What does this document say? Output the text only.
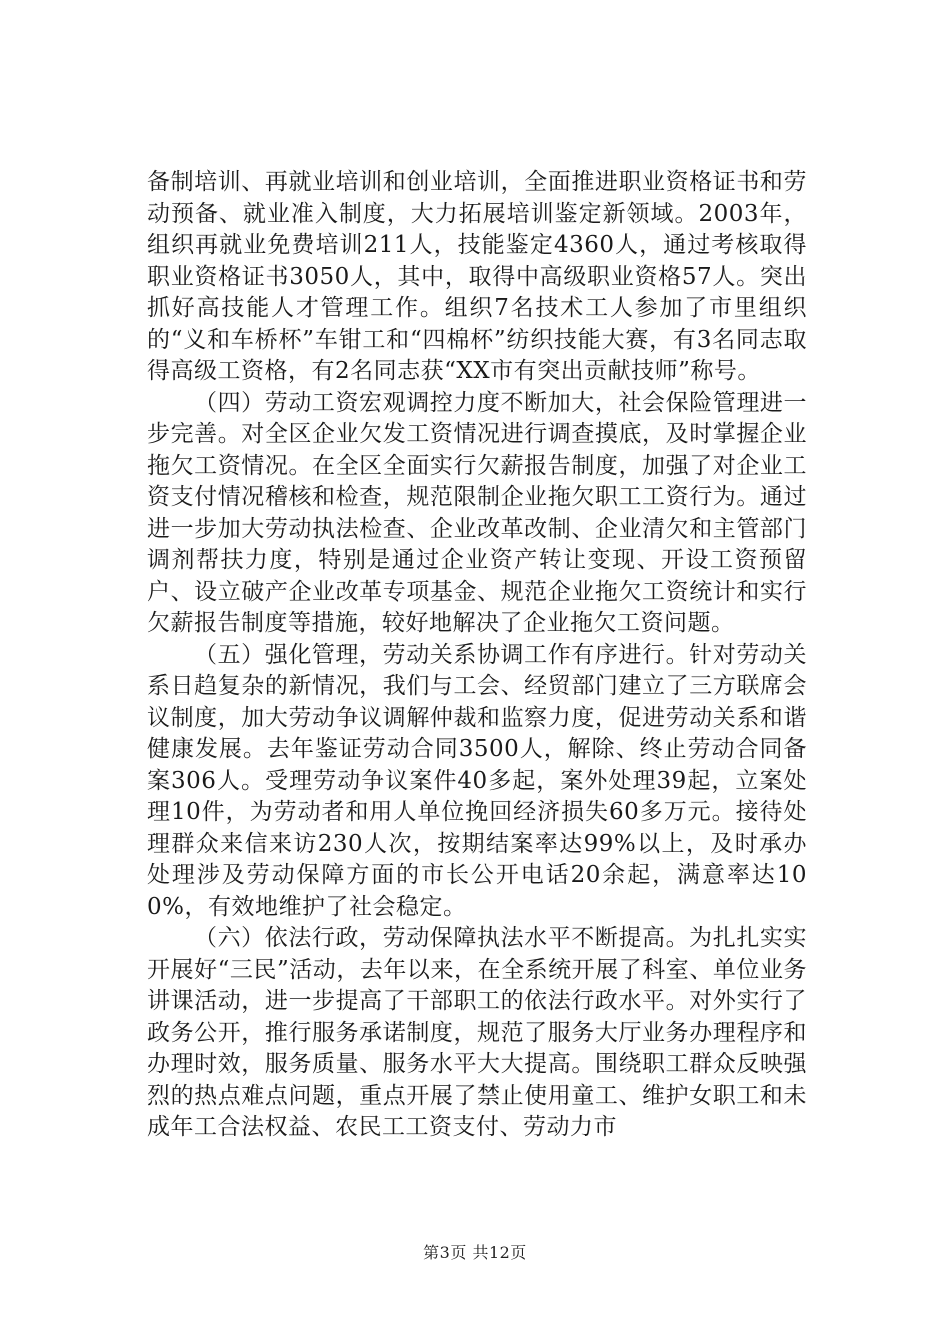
备制培训、再就业培训和创业培训，全面推进职业资格证书和劳动预备、就业准入制度，大力拓展培训鉴定新领域。2003年，组织再就业免费培训211人，技能鉴定4360人，通过考核取得职业资格证书3050人，其中，取得中高级职业资格57人。突出抓好高技能人才管理工作。组织7名技术工人参加了市里组织的“义和车桥杯”车钳工和“四棉杯”纺织技能大赛，有3名同志取得高级工资格，有2名同志获“XX市有突出贡献技师”称号。

（四）劳动工资宏观调控力度不断加大，社会保险管理进一步完善。对全区企业欠发工资情况进行调查摸底，及时掌握企业拖欠工资情况。在全区全面实行欠薪报告制度，加强了对企业工资支付情况稽核和检查，规范限制企业拖欠职工工资行为。通过进一步加大劳动执法检查、企业改革改制、企业清欠和主管部门调剂帮扶力度，特别是通过企业资产转让变现、开设工资预留户、设立破产企业改革专项基金、规范企业拖欠工资统计和实行欠薪报告制度等措施，较好地解决了企业拖欠工资问题。

（五）强化管理，劳动关系协调工作有序进行。针对劳动关系日趋复杂的新情况，我们与工会、经贸部门建立了三方联席会议制度，加大劳动争议调解仲裁和监察力度，促进劳动关系和谐健康发展。去年鉴证劳动合同3500人，解除、终止劳动合同备案306人。受理劳动争议案件40多起，案外处理39起，立案处理10件，为劳动者和用人单位挽回经济损失60多万元。接待处理群众来信来访230人次，按期结案率达99%以上，及时承办处理涉及劳动保障方面的市长公开电话20余起，满意率达100%，有效地维护了社会稳定。

（六）依法行政，劳动保障执法水平不断提高。为扎扎实实开展好“三民”活动，去年以来，在全系统开展了科室、单位业务讲课活动，进一步提高了干部职工的依法行政水平。对外实行了政务公开，推行服务承诺制度，规范了服务大厅业务办理程序和办理时效，服务质量、服务水平大大提高。围绕职工群众反映强烈的热点难点问题，重点开展了禁止使用童工、维护女职工和未成年工合法权益、农民工工资支付、劳动力市

第3页 共12页
